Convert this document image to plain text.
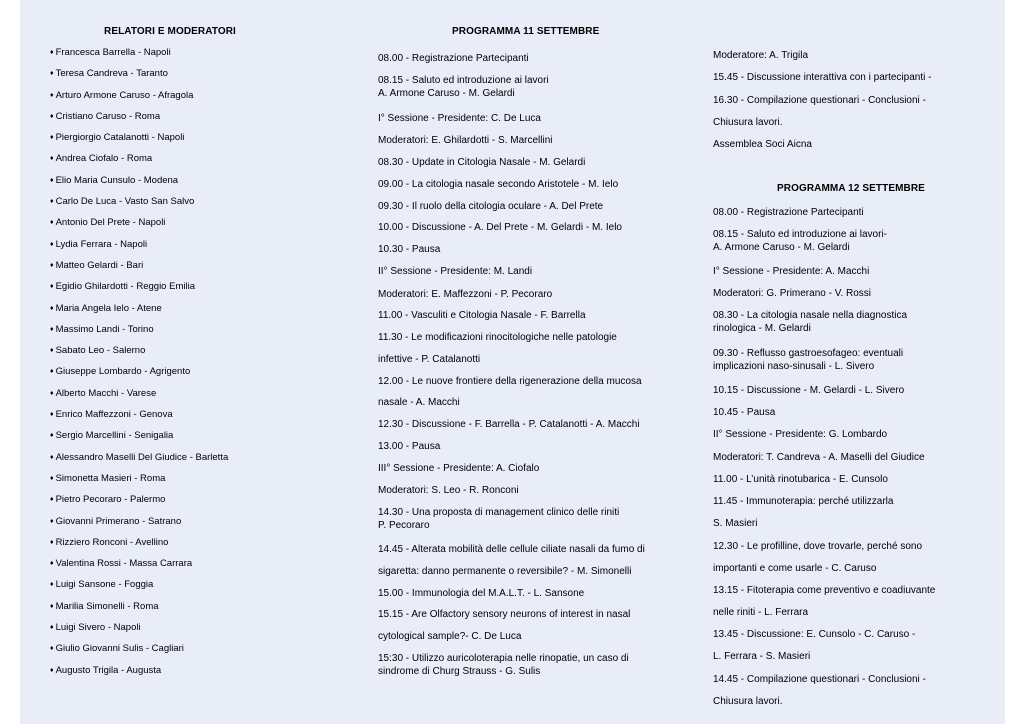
RELATORI E MODERATORI
♦ Francesca Barrella - Napoli
♦ Teresa Candreva - Taranto
♦ Arturo Armone Caruso - Afragola
♦ Cristiano Caruso - Roma
♦ Piergiorgio Catalanotti - Napoli
♦ Andrea Ciofalo - Roma
♦ Elio Maria Cunsulo - Modena
♦ Carlo De Luca - Vasto San Salvo
♦ Antonio Del Prete - Napoli
♦ Lydia Ferrara - Napoli
♦ Matteo Gelardi - Bari
♦ Egidio Ghilardotti - Reggio Emilia
♦ Maria Angela Ielo - Atene
♦ Massimo Landi - Torino
♦ Sabato Leo - Salerno
♦ Giuseppe Lombardo - Agrigento
♦ Alberto Macchi - Varese
♦ Enrico Maffezzoni - Genova
♦ Sergio Marcellini - Senigalia
♦ Alessandro Maselli Del Giudice - Barletta
♦ Simonetta Masieri - Roma
♦ Pietro Pecoraro - Palermo
♦ Giovanni Primerano - Satrano
♦ Rizziero Ronconi - Avellino
♦ Valentina Rossi - Massa Carrara
♦ Luigi Sansone - Foggia
♦ Marilia Simonelli - Roma
♦ Luigi Sivero - Napoli
♦ Giulio Giovanni Sulis - Cagliari
♦ Augusto Trigila - Augusta
PROGRAMMA 11 SETTEMBRE
08.00 - Registrazione Partecipanti
08.15 - Saluto ed introduzione ai lavori
A. Armone Caruso - M. Gelardi
I° Sessione - Presidente: C. De Luca
Moderatori: E. Ghilardotti - S. Marcellini
08.30 - Update in Citologia Nasale - M. Gelardi
09.00 - La citologia nasale secondo Aristotele - M. Ielo
09.30 - Il ruolo della citologia oculare - A. Del Prete
10.00 - Discussione - A. Del Prete - M. Gelardi - M. Ielo
10.30 - Pausa
II° Sessione - Presidente: M. Landi
Moderatori: E. Maffezzoni - P. Pecoraro
11.00 - Vasculiti e Citologia Nasale - F. Barrella
11.30 - Le modificazioni rinocitologiche nelle patologie
infettive - P. Catalanotti
12.00 - Le nuove frontiere della rigenerazione della mucosa
nasale - A. Macchi
12.30 - Discussione - F. Barrella - P. Catalanotti - A. Macchi
13.00 - Pausa
III° Sessione - Presidente: A. Ciofalo
Moderatori: S. Leo - R. Ronconi
14.30 - Una proposta di management clinico delle riniti
P. Pecoraro
14.45 - Alterata mobilità delle cellule ciliate nasali da fumo di
sigaretta: danno permanente o reversibile? - M. Simonelli
15.00 - Immunologia del M.A.L.T. - L. Sansone
15.15 - Are Olfactory sensory neurons of interest in nasal
cytological sample?- C. De Luca
15:30 - Utilizzo auricoloterapia nelle rinopatie, un caso di
sindrome di Churg Strauss - G. Sulis
Moderatore: A. Trigila
15.45 - Discussione interattiva con i partecipanti -
16.30 - Compilazione questionari - Conclusioni -
Chiusura lavori.
Assemblea Soci Aicna
PROGRAMMA 12 SETTEMBRE
08.00 - Registrazione Partecipanti
08.15 - Saluto ed introduzione ai lavori-
A. Armone Caruso - M. Gelardi
I° Sessione - Presidente: A. Macchi
Moderatori: G. Primerano - V. Rossi
08.30 - La citologia nasale nella diagnostica
rinologica - M. Gelardi
09.30 - Reflusso gastroesofageo: eventuali
implicazioni naso-sinusali - L. Sivero
10.15 - Discussione - M. Gelardi - L. Sivero
10.45 - Pausa
II° Sessione - Presidente: G. Lombardo
Moderatori: T. Candreva - A. Maselli del Giudice
11.00 - L’unità rinotubarica - E. Cunsolo
11.45 - Immunoterapia: perché utilizzarla
S. Masieri
12.30 - Le profilline, dove trovarle, perché sono
importanti e come usarle - C. Caruso
13.15 - Fitoterapia come preventivo e coadiuvante
nelle riniti - L. Ferrara
13.45 - Discussione: E. Cunsolo - C. Caruso -
L. Ferrara - S. Masieri
14.45 - Compilazione questionari - Conclusioni -
Chiusura lavori.
